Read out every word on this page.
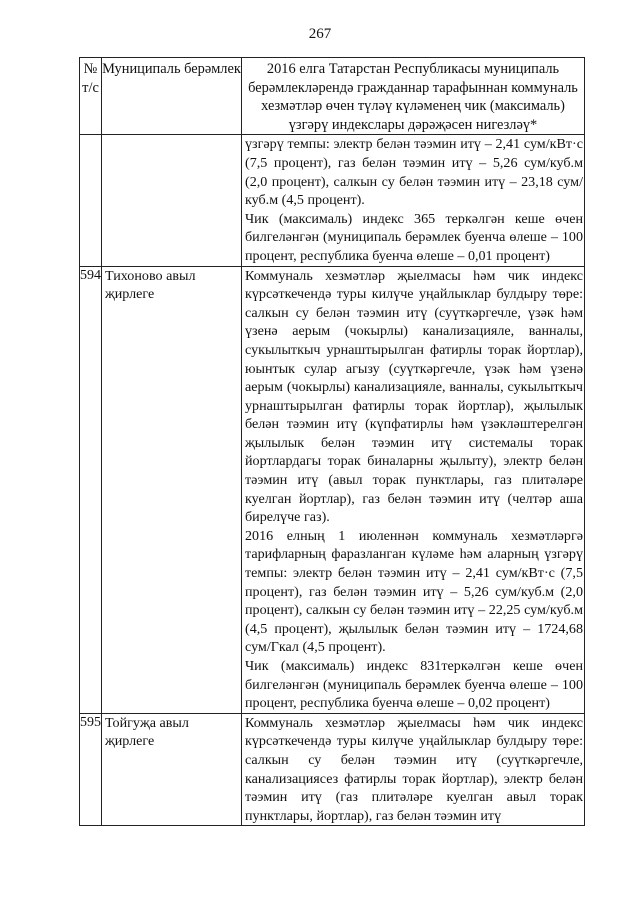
267
№ т/с	Муниципаль берәмлек	2016 елга Татарстан Республикасы муниципаль берәмлекләрендә гражданнар тарафыннан коммуналь хезмәтләр өчен түләү күләменең чик (максималь) үзгәрү индекслары дәрәҗәсен нигезләү*

		үзгәрү темпы: электр белән тәэмин итү – 2,41 сум/кВт·с (7,5 процент), газ белән тәэмин итү – 5,26 сум/куб.м (2,0 процент), салкын су белән тәэмин итү – 23,18 сум/куб.м (4,5 процент).

Чик (максималь) индекс 365 теркәлгән кеше өчен билгеләнгән (муниципаль берәмлек буенча өлеше – 100 процент, республика буенча өлеше – 0,01 процент)

594	Тихоново авыл җирлеге	Коммуналь хезмәтләр җыелмасы һәм чик индекс күрсәткечендә туры килүче уңайлыклар булдыру төре: салкын су белән тәэмин итү (суүткәргечле, үзәк һәм үзенә аерым (чокырлы) канализацияле, ванналы, сукылыткыч урнаштырылган фатирлы торак йортлар), юынтык сулар агызу (суүткәргечле, үзәк һәм үзенә аерым (чокырлы) канализацияле, ванналы, сукылыткыч урнаштырылган фатирлы торак йортлар), җылылык белән тәэмин итү (күпфатирлы һәм үзәкләштерелгән җылылык белән тәэмин итү системалы торак йортлардагы торак биналарны җылыту), электр белән тәэмин итү (авыл торак пунктлары, газ плитәләре куелган йортлар), газ белән тәэмин итү (челтәр аша бирелүче газ).

2016 елның 1 июленнән коммуналь хезмәтләргә тарифларның фаразланган күләме һәм аларның үзгәрү темпы: электр белән тәэмин итү – 2,41 сум/кВт·с (7,5 процент), газ белән тәэмин итү – 5,26 сум/куб.м (2,0 процент), салкын су белән тәэмин итү – 22,25 сум/куб.м (4,5 процент), җылылык белән тәэмин итү – 1724,68 сум/Гкал (4,5 процент).

Чик (максималь) индекс 831теркәлгән кеше өчен билгеләнгән (муниципаль берәмлек буенча өлеше – 100 процент, республика буенча өлеше – 0,02 процент)

595	Тойгуҗа авыл җирлеге	Коммуналь хезмәтләр җыелмасы һәм чик индекс күрсәткечендә туры килүче уңайлыклар булдыру төре: салкын су белән тәэмин итү (суүткәргечле, канализациясез фатирлы торак йортлар), электр белән тәэмин итү (газ плитәләре куелган авыл торак пунктлары, йортлар), газ белән тәэмин итү
